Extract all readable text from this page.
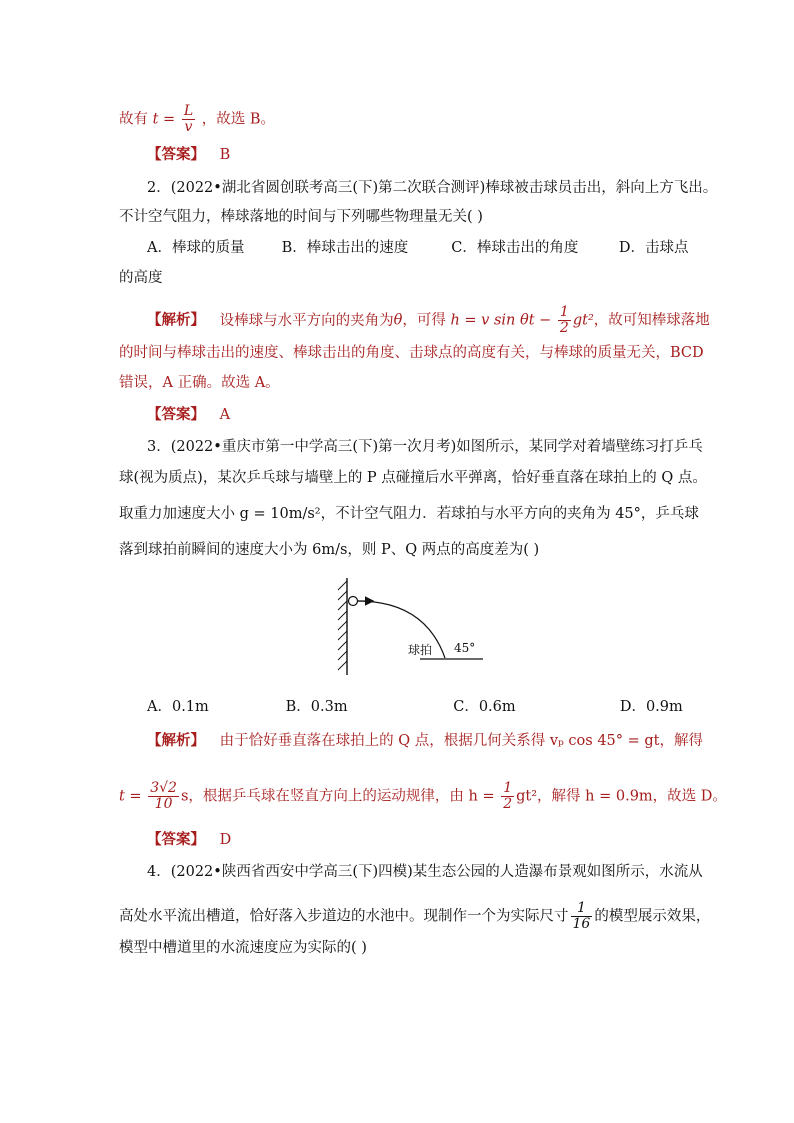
故有 $t = \frac{L}{v}$ ，故选 B。
【答案】 B
2．(2022•湖北省圆创联考高三(下)第二次联合测评)棒球被击球员击出，斜向上方飞出。
不计空气阻力，棒球落地的时间与下列哪些物理量无关( )
A．棒球的质量	B．棒球击出的速度	C．棒球击出的角度	D．击球点
的高度
【解析】 设棒球与水平方向的夹角为θ，可得 h = v $\sin \theta t - \frac{1}{2} gt^2$，故可知棒球落地
的时间与棒球击出的速度、棒球击出的角度、击球点的高度有关，与棒球的质量无关，BCD
错误，A 正确。故选 A。
【答案】 A
3．(2022•重庆市第一中学高三(下)第一次月考)如图所示，某同学对着墙壁练习打乒乓
球(视为质点)，某次乒乓球与墙壁上的 P 点碰撞后水平弹离，恰好垂直落在球拍上的 Q 点。
取重力加速度大小 g = 10m/s²，不计空气阻力．若球拍与水平方向的夹角为 45°，乒乓球
落到球拍前瞬间的速度大小为 6m/s，则 P、Q 两点的高度差为( )
球拍 45°
A．0.1m	B．0.3m	C．0.6m	D．0.9m
【解析】 由于恰好垂直落在球拍上的 Q 点，根据几何关系得 vₚ cos 45° = gt，解得
$t = \frac{3√2}{10}$ s，根据乒乓球在竖直方向上的运动规律，由 $h = \frac{1}{2} gt^2$，解得 h = 0.9m，故选 D。
【答案】 D
4．(2022•陕西省西安中学高三(下)四模)某生态公园的人造瀑布景观如图所示，水流从
高处水平流出槽道，恰好落入步道边的水池中。现制作一个为实际尺寸 $\frac{1}{16}$ 的模型展示效果，
模型中槽道里的水流速度应为实际的( )
